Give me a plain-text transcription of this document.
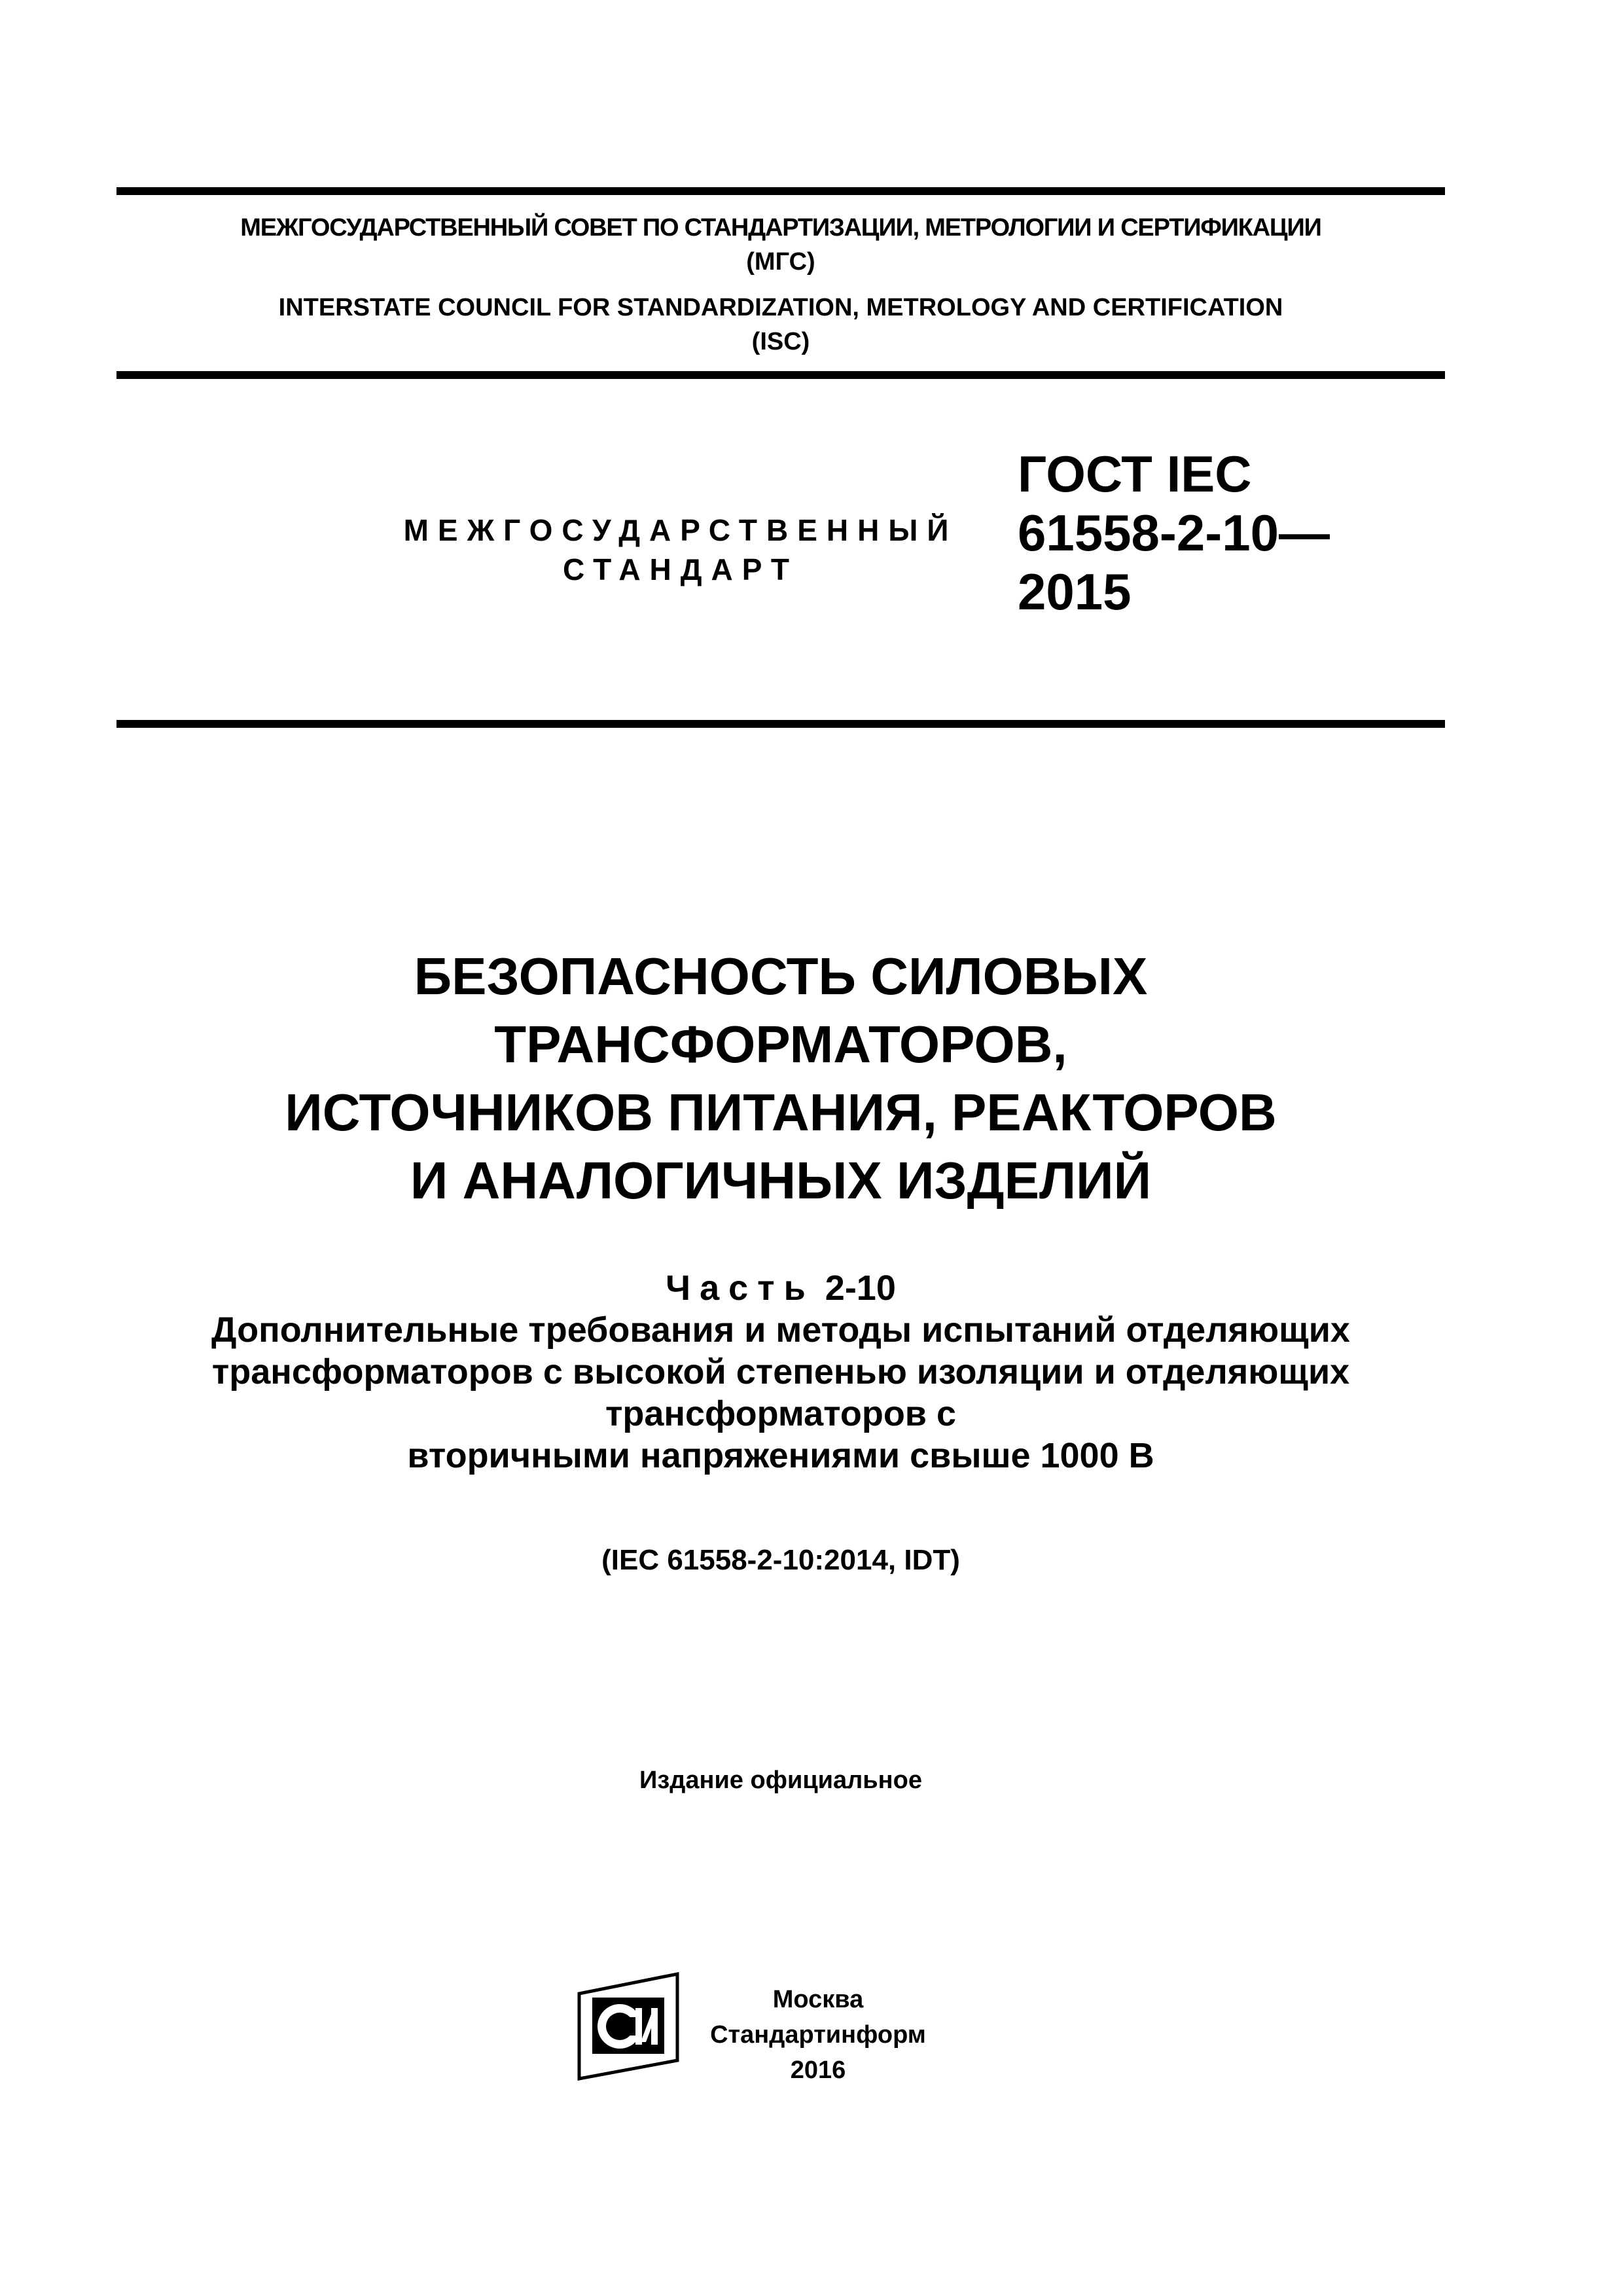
МЕЖГОСУДАРСТВЕННЫЙ СОВЕТ ПО СТАНДАРТИЗАЦИИ, МЕТРОЛОГИИ И СЕРТИФИКАЦИИ
(МГС)
INTERSTATE COUNCIL FOR STANDARDIZATION, METROLOGY AND CERTIFICATION
(ISC)
МЕЖГОСУДАРСТВЕННЫЙ
СТАНДАРТ
ГОСТ IEC
61558-2-10—
2015
БЕЗОПАСНОСТЬ СИЛОВЫХ
ТРАНСФОРМАТОРОВ,
ИСТОЧНИКОВ ПИТАНИЯ, РЕАКТОРОВ
И АНАЛОГИЧНЫХ ИЗДЕЛИЙ
Часть 2-10
Дополнительные требования и методы испытаний отделяющих
трансформаторов с высокой степенью изоляции и отделяющих
трансформаторов с
вторичными напряжениями свыше 1000 В
(IEC 61558-2-10:2014, IDT)
Издание официальное
Москва
Стандартинформ
2016
